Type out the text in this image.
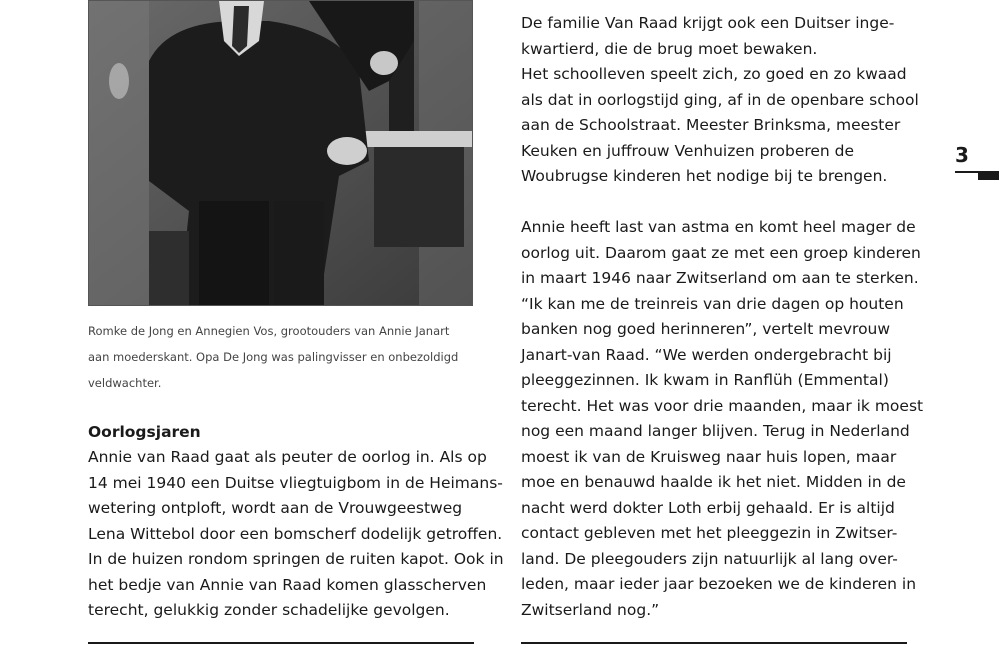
Romke de Jong en Annegien Vos, grootouders van Annie Janart
aan moederskant. Opa De Jong was palingvisser en onbezoldigd
veldwachter.
Oorlogsjaren
Annie van Raad gaat als peuter de oorlog in. Als op
14 mei 1940 een Duitse vliegtuigbom in de Heimans-
wetering ontploft, wordt aan de Vrouwgeestweg
Lena Wittebol door een bomscherf dodelijk getroffen.
In de huizen rondom springen de ruiten kapot. Ook in
het bedje van Annie van Raad komen glasscherven
terecht, gelukkig zonder schadelijke gevolgen.
De familie Van Raad krijgt ook een Duitser inge-
kwartierd, die de brug moet bewaken.
Het schoolleven speelt zich, zo goed en zo kwaad
als dat in oorlogstijd ging, af in de openbare school
aan de Schoolstraat. Meester Brinksma, meester
Keuken en juffrouw Venhuizen proberen de
Woubrugse kinderen het nodige bij te brengen.
Annie heeft last van astma en komt heel mager de
oorlog uit. Daarom gaat ze met een groep kinderen
in maart 1946 naar Zwitserland om aan te sterken.
“Ik kan me de treinreis van drie dagen op houten
banken nog goed herinneren”, vertelt mevrouw
Janart-van Raad. “We werden ondergebracht bij
pleeggezinnen. Ik kwam in Ranflüh (Emmental)
terecht. Het was voor drie maanden, maar ik moest
nog een maand langer blijven. Terug in Nederland
moest ik van de Kruisweg naar huis lopen, maar
moe en benauwd haalde ik het niet. Midden in de
nacht werd dokter Loth erbij gehaald. Er is altijd
contact gebleven met het pleeggezin in Zwitser-
land. De pleegouders zijn natuurlijk al lang over-
leden, maar ieder jaar bezoeken we de kinderen in
Zwitserland nog.”
3
